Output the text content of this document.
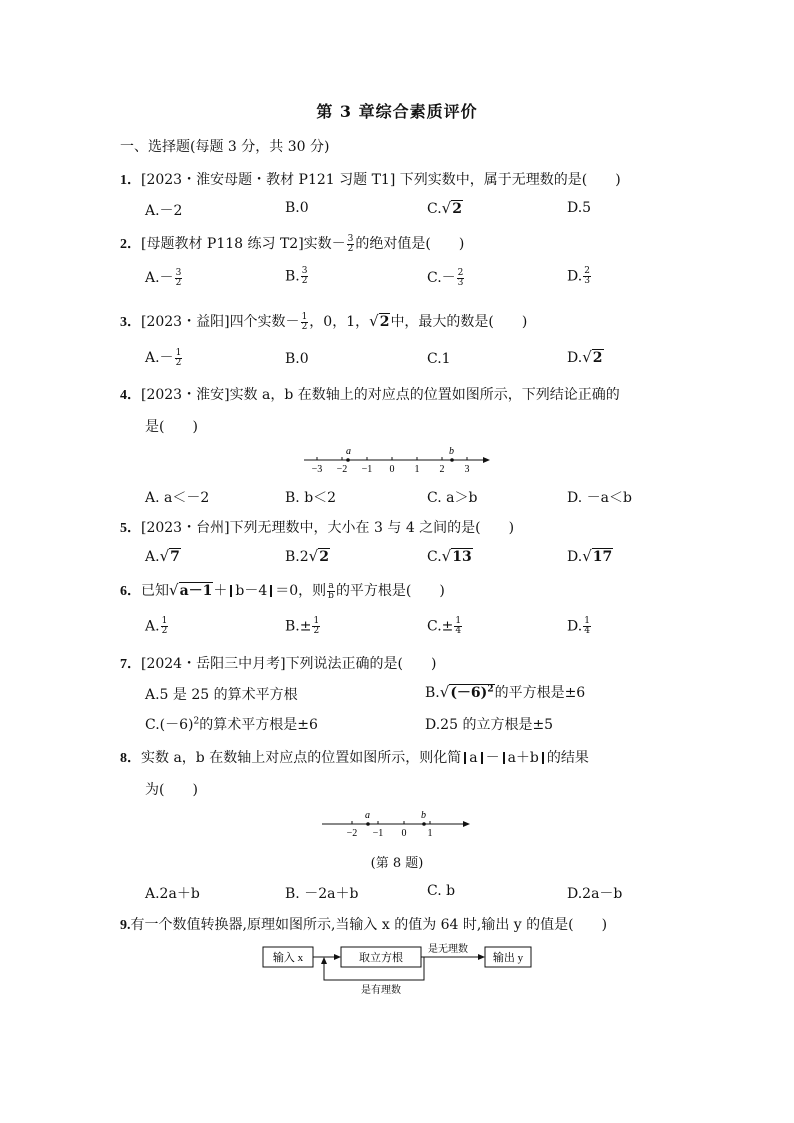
第 3 章综合素质评价
一、选择题(每题 3 分，共 30 分)
1．[2023・淮安母题・教材 P121 习题 T1] 下列实数中，属于无理数的是(　　)
A.－2	B.0	C.√2	D.5
2．[母题教材 P118 练习 T2]实数－ $\frac{3}{2}$ 的绝对值是(　　)
$A.- \frac{3}{2}$	B. $\frac{3}{2}$	$C.- \frac{2}{3}$	D. $\frac{2}{3}$
3．[2023・益阳]四个实数－ $\frac{1}{2}$ ，0，1，√2中，最大的数是(　　)
$A.- \frac{1}{2}$	B.0	C.1	D.√2
4．[2023・淮安]实数 a，b 在数轴上的对应点的位置如图所示，下列结论正确的
是(　　)
−3 −2 −1 0 1 2 3
a	b
A. a＜－2	B. b＜2	C. a＞b	D. －a＜b
5．[2023・台州]下列无理数中，大小在 3 与 4 之间的是(　　)
A.√7	B.2√2	C.√13	D.√17
6．已知√a－1＋ b－4 ＝0，则 $\frac{a}{b}$ 的平方根是(　　)
A. $\frac{1}{2}$	$B.\pm \frac{1}{2}$	$C.\pm \frac{1}{4}$	D. $\frac{1}{4}$
7．[2024・岳阳三中月考]下列说法正确的是(　　)
A.5 是 25 的算术平方根	$B.√(-6)^2$的平方根是±6
$C.(-6)^2$的算术平方根是±6	D.25 的立方根是±5
8．实数 a，b 在数轴上对应点的位置如图所示，则化简 a － a＋b 的结果
为(　　)
−2 −1 0 1
a	b
(第 8 题)
A.2a＋b	B. －2a＋b	C. b	D.2a－b
9.有一个数值转换器,原理如图所示,当输入 x 的值为 64 时,输出 y 的值是(　　)
输入 x	取立方根
是无理数
输出 y
是有理数
